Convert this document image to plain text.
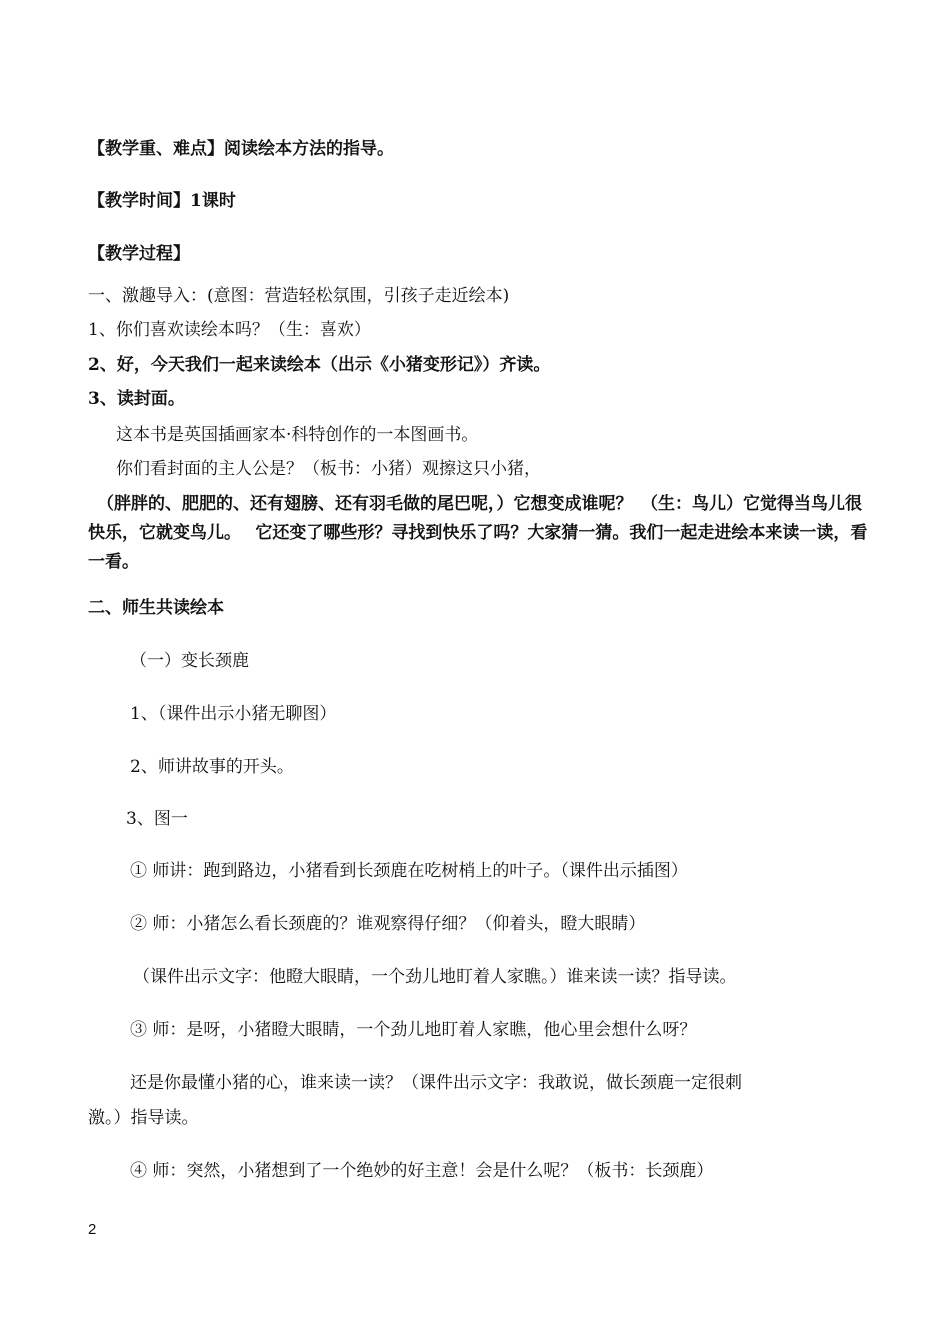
【教学重、难点】阅读绘本方法的指导。
【教学时间】1课时
【教学过程】
一、激趣导入：(意图：营造轻松氛围，引孩子走近绘本)
1、你们喜欢读绘本吗？（生：喜欢）
2、好，今天我们一起来读绘本（出示《小猪变形记》）齐读。
3、读封面。
这本书是英国插画家本·科特创作的一本图画书。
你们看封面的主人公是？（板书：小猪）观擦这只小猪，
（胖胖的、肥肥的、还有翅膀、还有羽毛做的尾巴呢，）它想变成谁呢？　（生：鸟儿）它觉得当鸟儿很快乐，它就变鸟儿。　 它还变了哪些形？寻找到快乐了吗？大家猜一猜。我们一起走进绘本来读一读，看一看。
二、师生共读绘本
（一）变长颈鹿
1、（课件出示小猪无聊图）
2、师讲故事的开头。
3、图一
① 师讲：跑到路边，小猪看到长颈鹿在吃树梢上的叶子。（课件出示插图）
② 师：小猪怎么看长颈鹿的？谁观察得仔细？（仰着头，瞪大眼睛）
（课件出示文字：他瞪大眼睛，一个劲儿地盯着人家瞧。）谁来读一读？指导读。
③ 师：是呀，小猪瞪大眼睛，一个劲儿地盯着人家瞧，他心里会想什么呀？
还是你最懂小猪的心，谁来读一读？（课件出示文字：我敢说，做长颈鹿一定很刺
激。）指导读。
④ 师：突然，小猪想到了一个绝妙的好主意！会是什么呢？（板书：长颈鹿）
2
